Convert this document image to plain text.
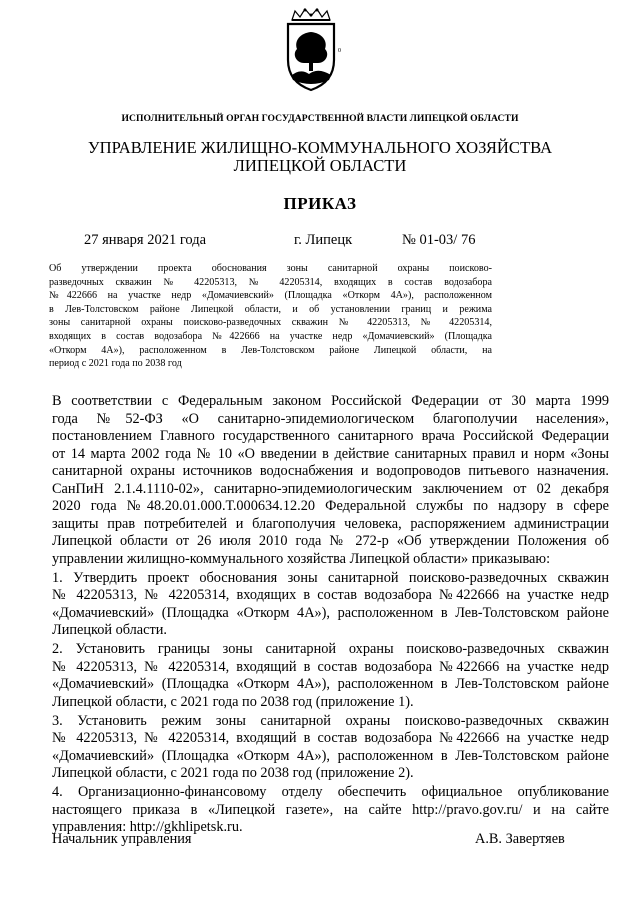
0
ИСПОЛНИТЕЛЬНЫЙ ОРГАН ГОСУДАРСТВЕННОЙ ВЛАСТИ ЛИПЕЦКОЙ ОБЛАСТИ
УПРАВЛЕНИЕ ЖИЛИЩНО-КОММУНАЛЬНОГО ХОЗЯЙСТВА
ЛИПЕЦКОЙ ОБЛАСТИ
ПРИКАЗ
27 января 2021 года	г. Липецк	№ 01-03/ 76
Об утверждении проекта обоснования зоны санитарной охраны поисково-
разведочных скважин № 42205313, № 42205314, входящих в состав водозабора
№422666 на участке недр «Домачиевский» (Площадка «Откорм 4А»), расположенном
в Лев-Толстовском районе Липецкой области, и об установлении границ и режима
зоны санитарной охраны поисково-разведочных скважин № 42205313, № 42205314,
входящих в состав водозабора №422666 на участке недр «Домачиевский» (Площадка
«Откорм 4А»), расположенном в Лев-Толстовском районе Липецкой области, на
период с 2021 года по 2038 год
В соответствии с Федеральным законом Российской Федерации от 30 марта 1999
года №52-ФЗ «О санитарно-эпидемиологическом благополучии населения»,
постановлением Главного государственного санитарного врача Российской Федерации
от 14 марта 2002 года № 10 «О введении в действие санитарных правил и норм «Зоны
санитарной охраны источников водоснабжения и водопроводов питьевого назначения.
СанПиН 2.1.4.1110-02», санитарно-эпидемиологическим заключением от 02 декабря
2020 года №48.20.01.000.Т.000634.12.20 Федеральной службы по надзору в сфере
защиты прав потребителей и благополучия человека, распоряжением администрации
Липецкой области от 26 июля 2010 года № 272-р «Об утверждении Положения об
управлении жилищно-коммунального хозяйства Липецкой области» приказываю:
1. Утвердить проект обоснования зоны санитарной поисково-разведочных скважин
№ 42205313, № 42205314, входящих в состав водозабора №422666 на участке недр
«Домачиевский» (Площадка «Откорм 4А»), расположенном в Лев-Толстовском районе
Липецкой области.
2. Установить границы зоны санитарной охраны поисково-разведочных скважин
№ 42205313, № 42205314, входящий в состав водозабора №422666 на участке недр
«Домачиевский» (Площадка «Откорм 4А»), расположенном в Лев-Толстовском районе
Липецкой области, с 2021 года по 2038 год (приложение 1).
3. Установить режим зоны санитарной охраны поисково-разведочных скважин
№ 42205313, № 42205314, входящий в состав водозабора №422666 на участке недр
«Домачиевский» (Площадка «Откорм 4А»), расположенном в Лев-Толстовском районе
Липецкой области, с 2021 года по 2038 год (приложение 2).
4. Организационно-финансовому отделу обеспечить официальное опубликование
настоящего приказа в «Липецкой газете», на сайте http://pravo.gov.ru/ и на сайте
управления: http://gkhlipetsk.ru.
Начальник управления	А.В. Завертяев
